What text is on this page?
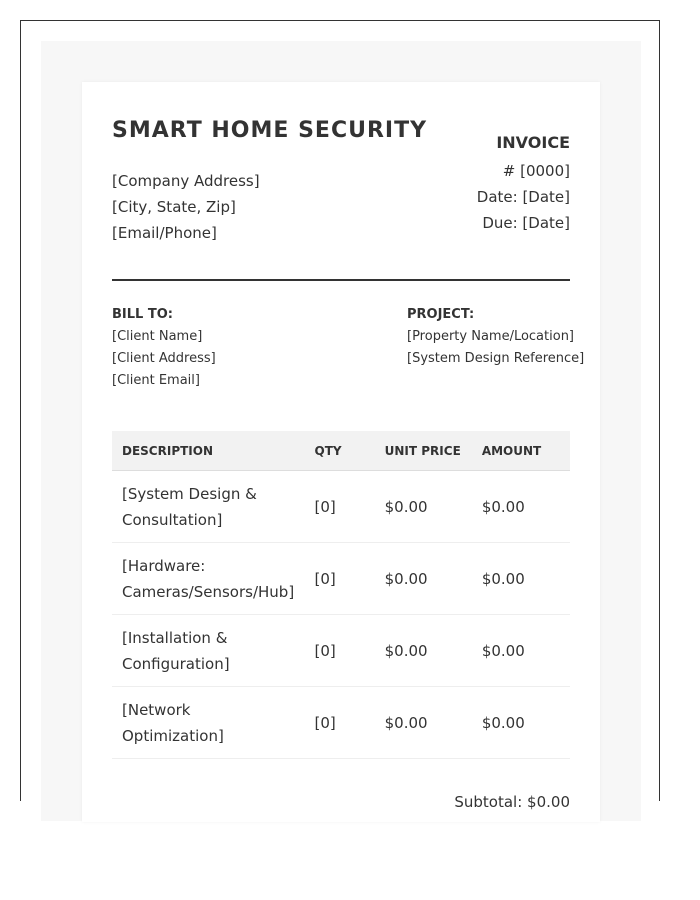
SMART HOME SECURITY
[Company Address]
[City, State, Zip]
[Email/Phone]
INVOICE
# [0000]
Date: [Date]
Due: [Date]
BILL TO:
[Client Name]
[Client Address]
[Client Email]
PROJECT:
[Property Name/Location]
[System Design Reference]
DESCRIPTION	QTY	UNIT PRICE	AMOUNT
[System Design & Consultation]	[0]	$0.00	$0.00
[Hardware: Cameras/Sensors/Hub]	[0]	$0.00	$0.00
[Installation & Configuration]	[0]	$0.00	$0.00
[Network Optimization]	[0]	$0.00	$0.00
Subtotal: $0.00
